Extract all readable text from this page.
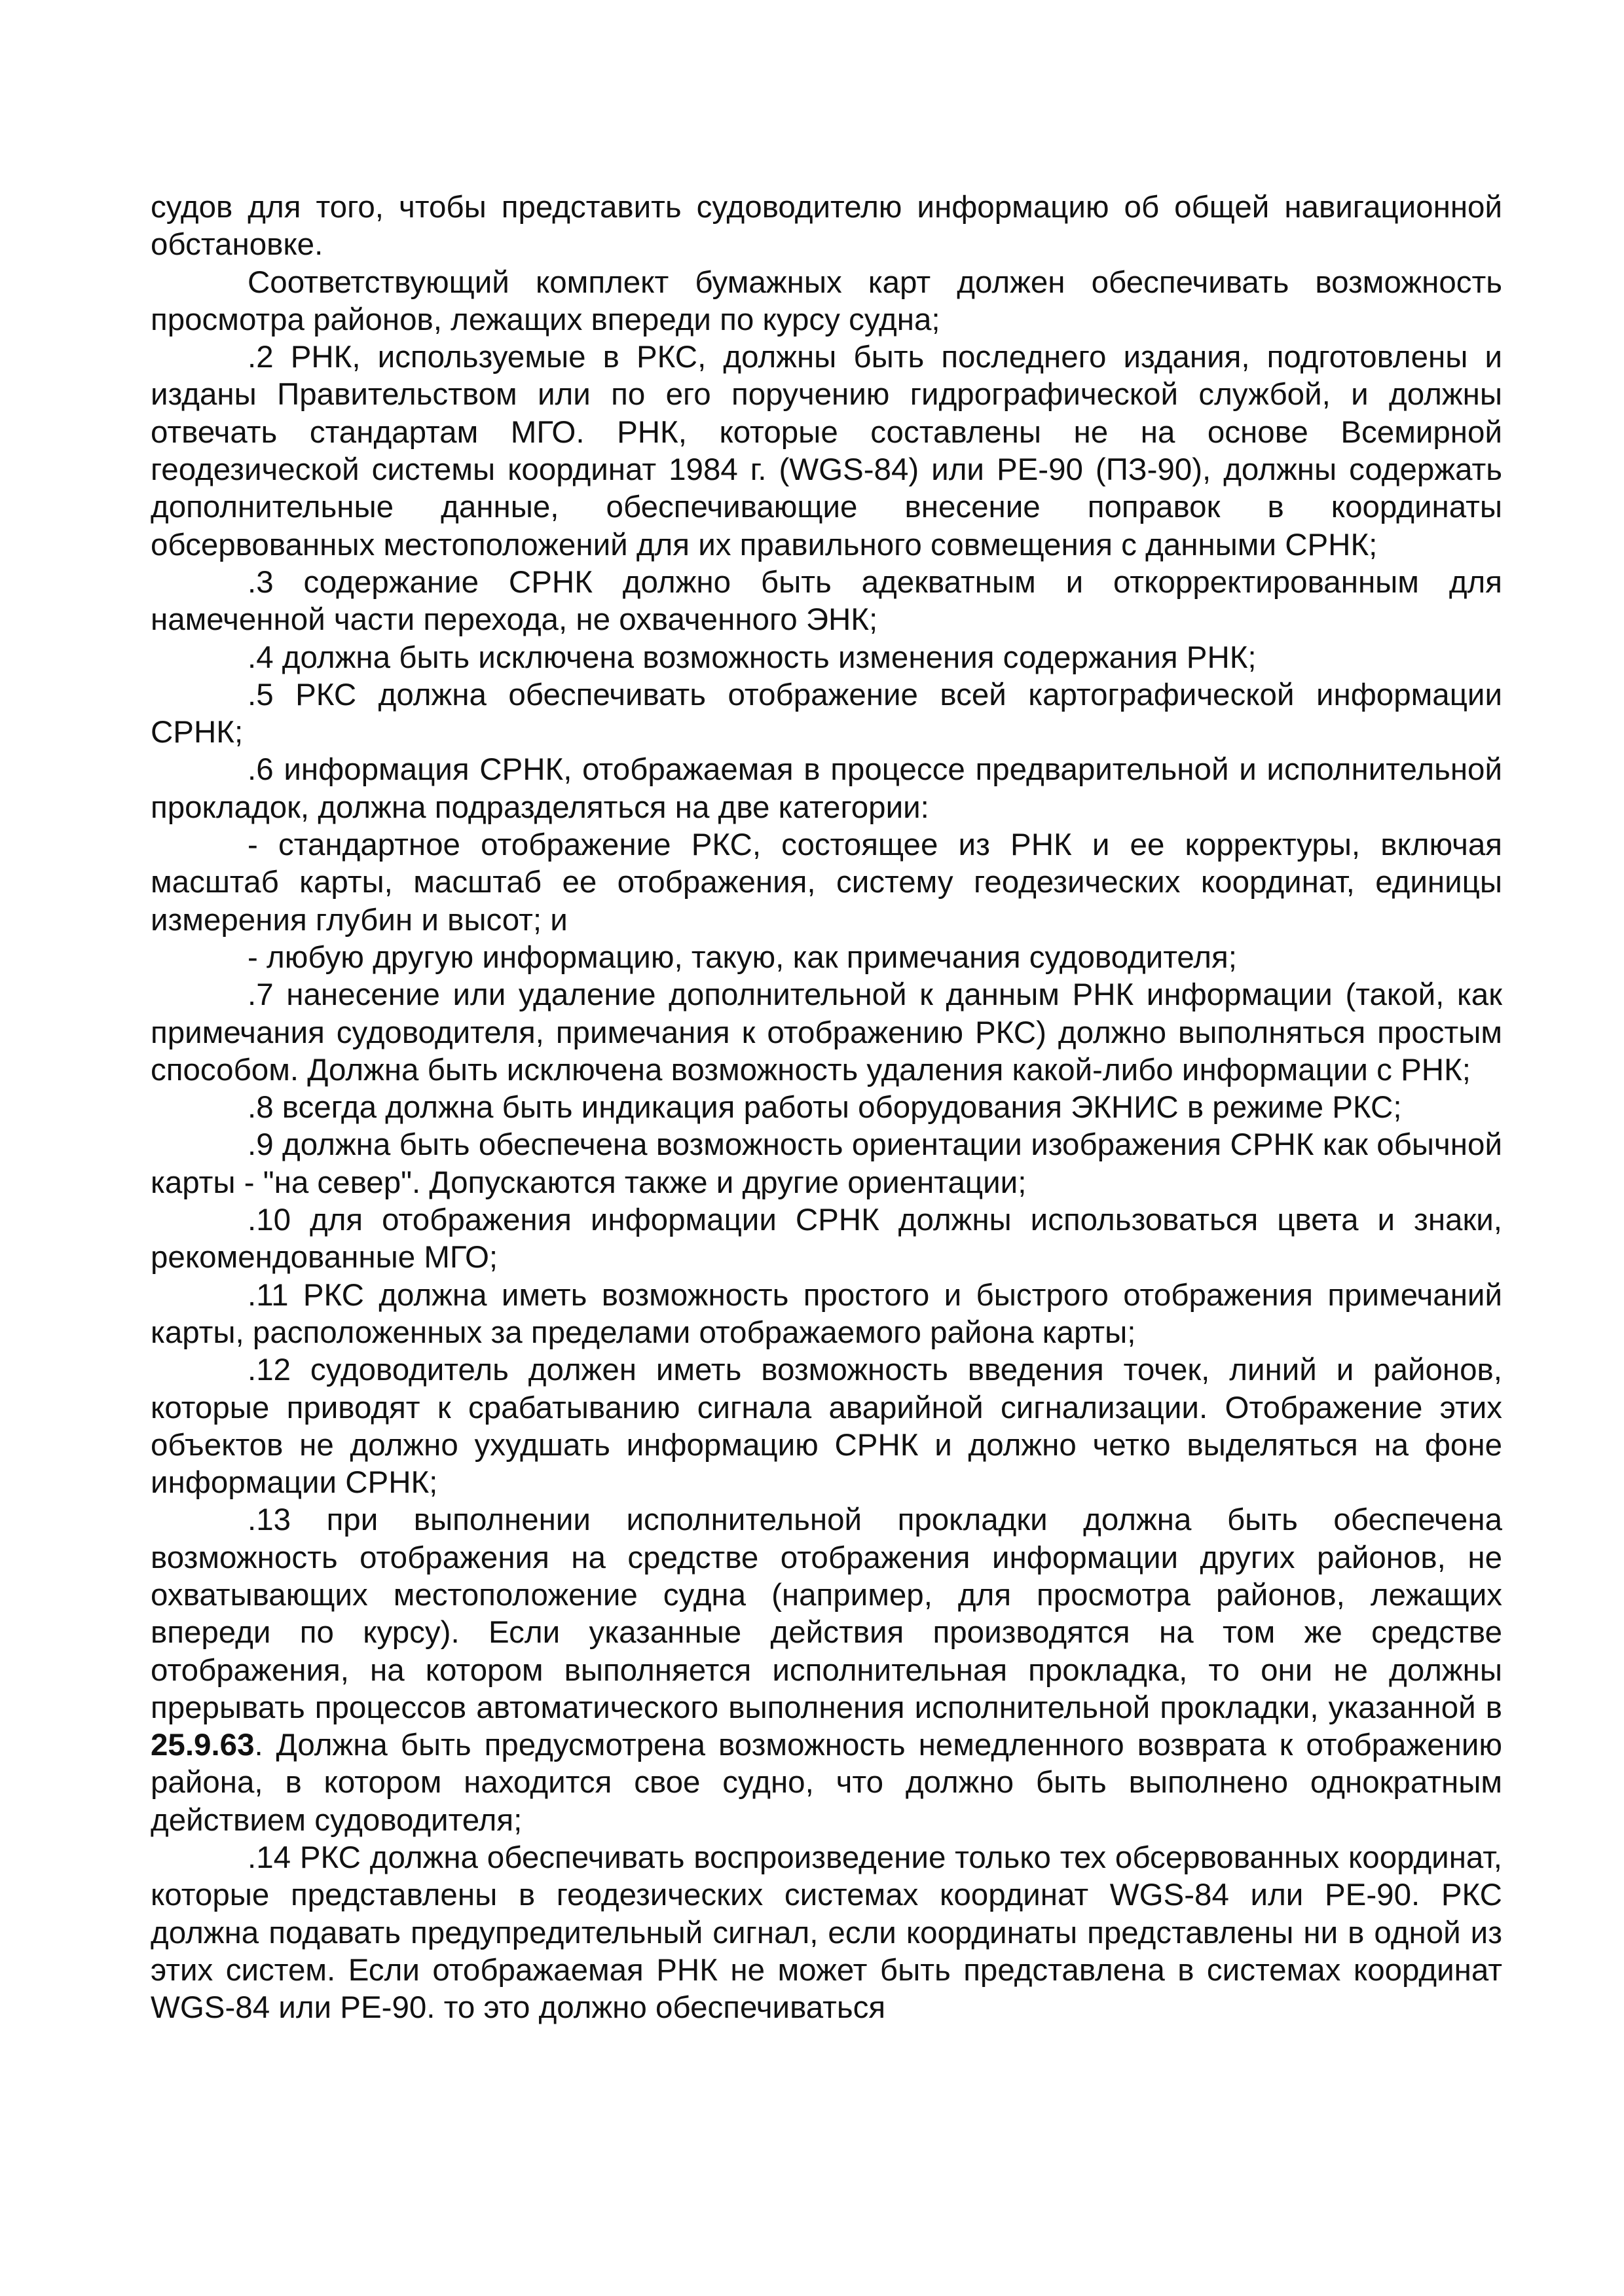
судов для того, чтобы представить судоводителю информацию об общей навигационной обстановке.

Соответствующий комплект бумажных карт должен обеспечивать возможность просмотра районов, лежащих впереди по курсу судна;

.2 РНК, используемые в РКС, должны быть последнего издания, подготовлены и изданы Правительством или по его поручению гидрографической службой, и должны отвечать стандартам МГО. РНК, которые составлены не на основе Всемирной геодезической системы координат 1984 г. (WGS-84) или РЕ-90 (ПЗ-90), должны содержать дополнительные данные, обеспечивающие внесение поправок в координаты обсервованных местоположений для их правильного совмещения с данными СРНК;

.3 содержание СРНК должно быть адекватным и откорректированным для намеченной части перехода, не охваченного ЭНК;

.4 должна быть исключена возможность изменения содержания РНК;

.5 РКС должна обеспечивать отображение всей картографической информации СРНК;

.6 информация СРНК, отображаемая в процессе предварительной и исполнительной прокладок, должна подразделяться на две категории:

- стандартное отображение РКС, состоящее из РНК и ее корректуры, включая масштаб карты, масштаб ее отображения, систему геодезических координат, единицы измерения глубин и высот; и

- любую другую информацию, такую, как примечания судоводителя;

.7 нанесение или удаление дополнительной к данным РНК информации (такой, как примечания судоводителя, примечания к отображению РКС) должно выполняться простым способом. Должна быть исключена возможность удаления какой-либо информации с РНК;

.8 всегда должна быть индикация работы оборудования ЭКНИС в режиме РКС;

.9 должна быть обеспечена возможность ориентации изображения СРНК как обычной карты - "на север". Допускаются также и другие ориентации;

.10 для отображения информации СРНК должны использоваться цвета и знаки, рекомендованные МГО;

.11 РКС должна иметь возможность простого и быстрого отображения примечаний карты, расположенных за пределами отображаемого района карты;

.12 судоводитель должен иметь возможность введения точек, линий и районов, которые приводят к срабатыванию сигнала аварийной сигнализации. Отображение этих объектов не должно ухудшать информацию СРНК и должно четко выделяться на фоне информации СРНК;

.13 при выполнении исполнительной прокладки должна быть обеспечена возможность отображения на средстве отображения информации других районов, не охватывающих местоположение судна (например, для просмотра районов, лежащих впереди по курсу). Если указанные действия производятся на том же средстве отображения, на котором выполняется исполнительная прокладка, то они не должны прерывать процессов автоматического выполнения исполнительной прокладки, указанной в 25.9.63. Должна быть предусмотрена возможность немедленного возврата к отображению района, в котором находится свое судно, что должно быть выполнено однократным действием судоводителя;

.14 РКС должна обеспечивать воспроизведение только тех обсервованных координат, которые представлены в геодезических системах координат WGS-84 или РЕ-90. РКС должна подавать предупредительный сигнал, если координаты представлены ни в одной из этих систем. Если отображаемая РНК не может быть представлена в системах координат WGS-84 или РЕ-90. то это должно обеспечиваться
